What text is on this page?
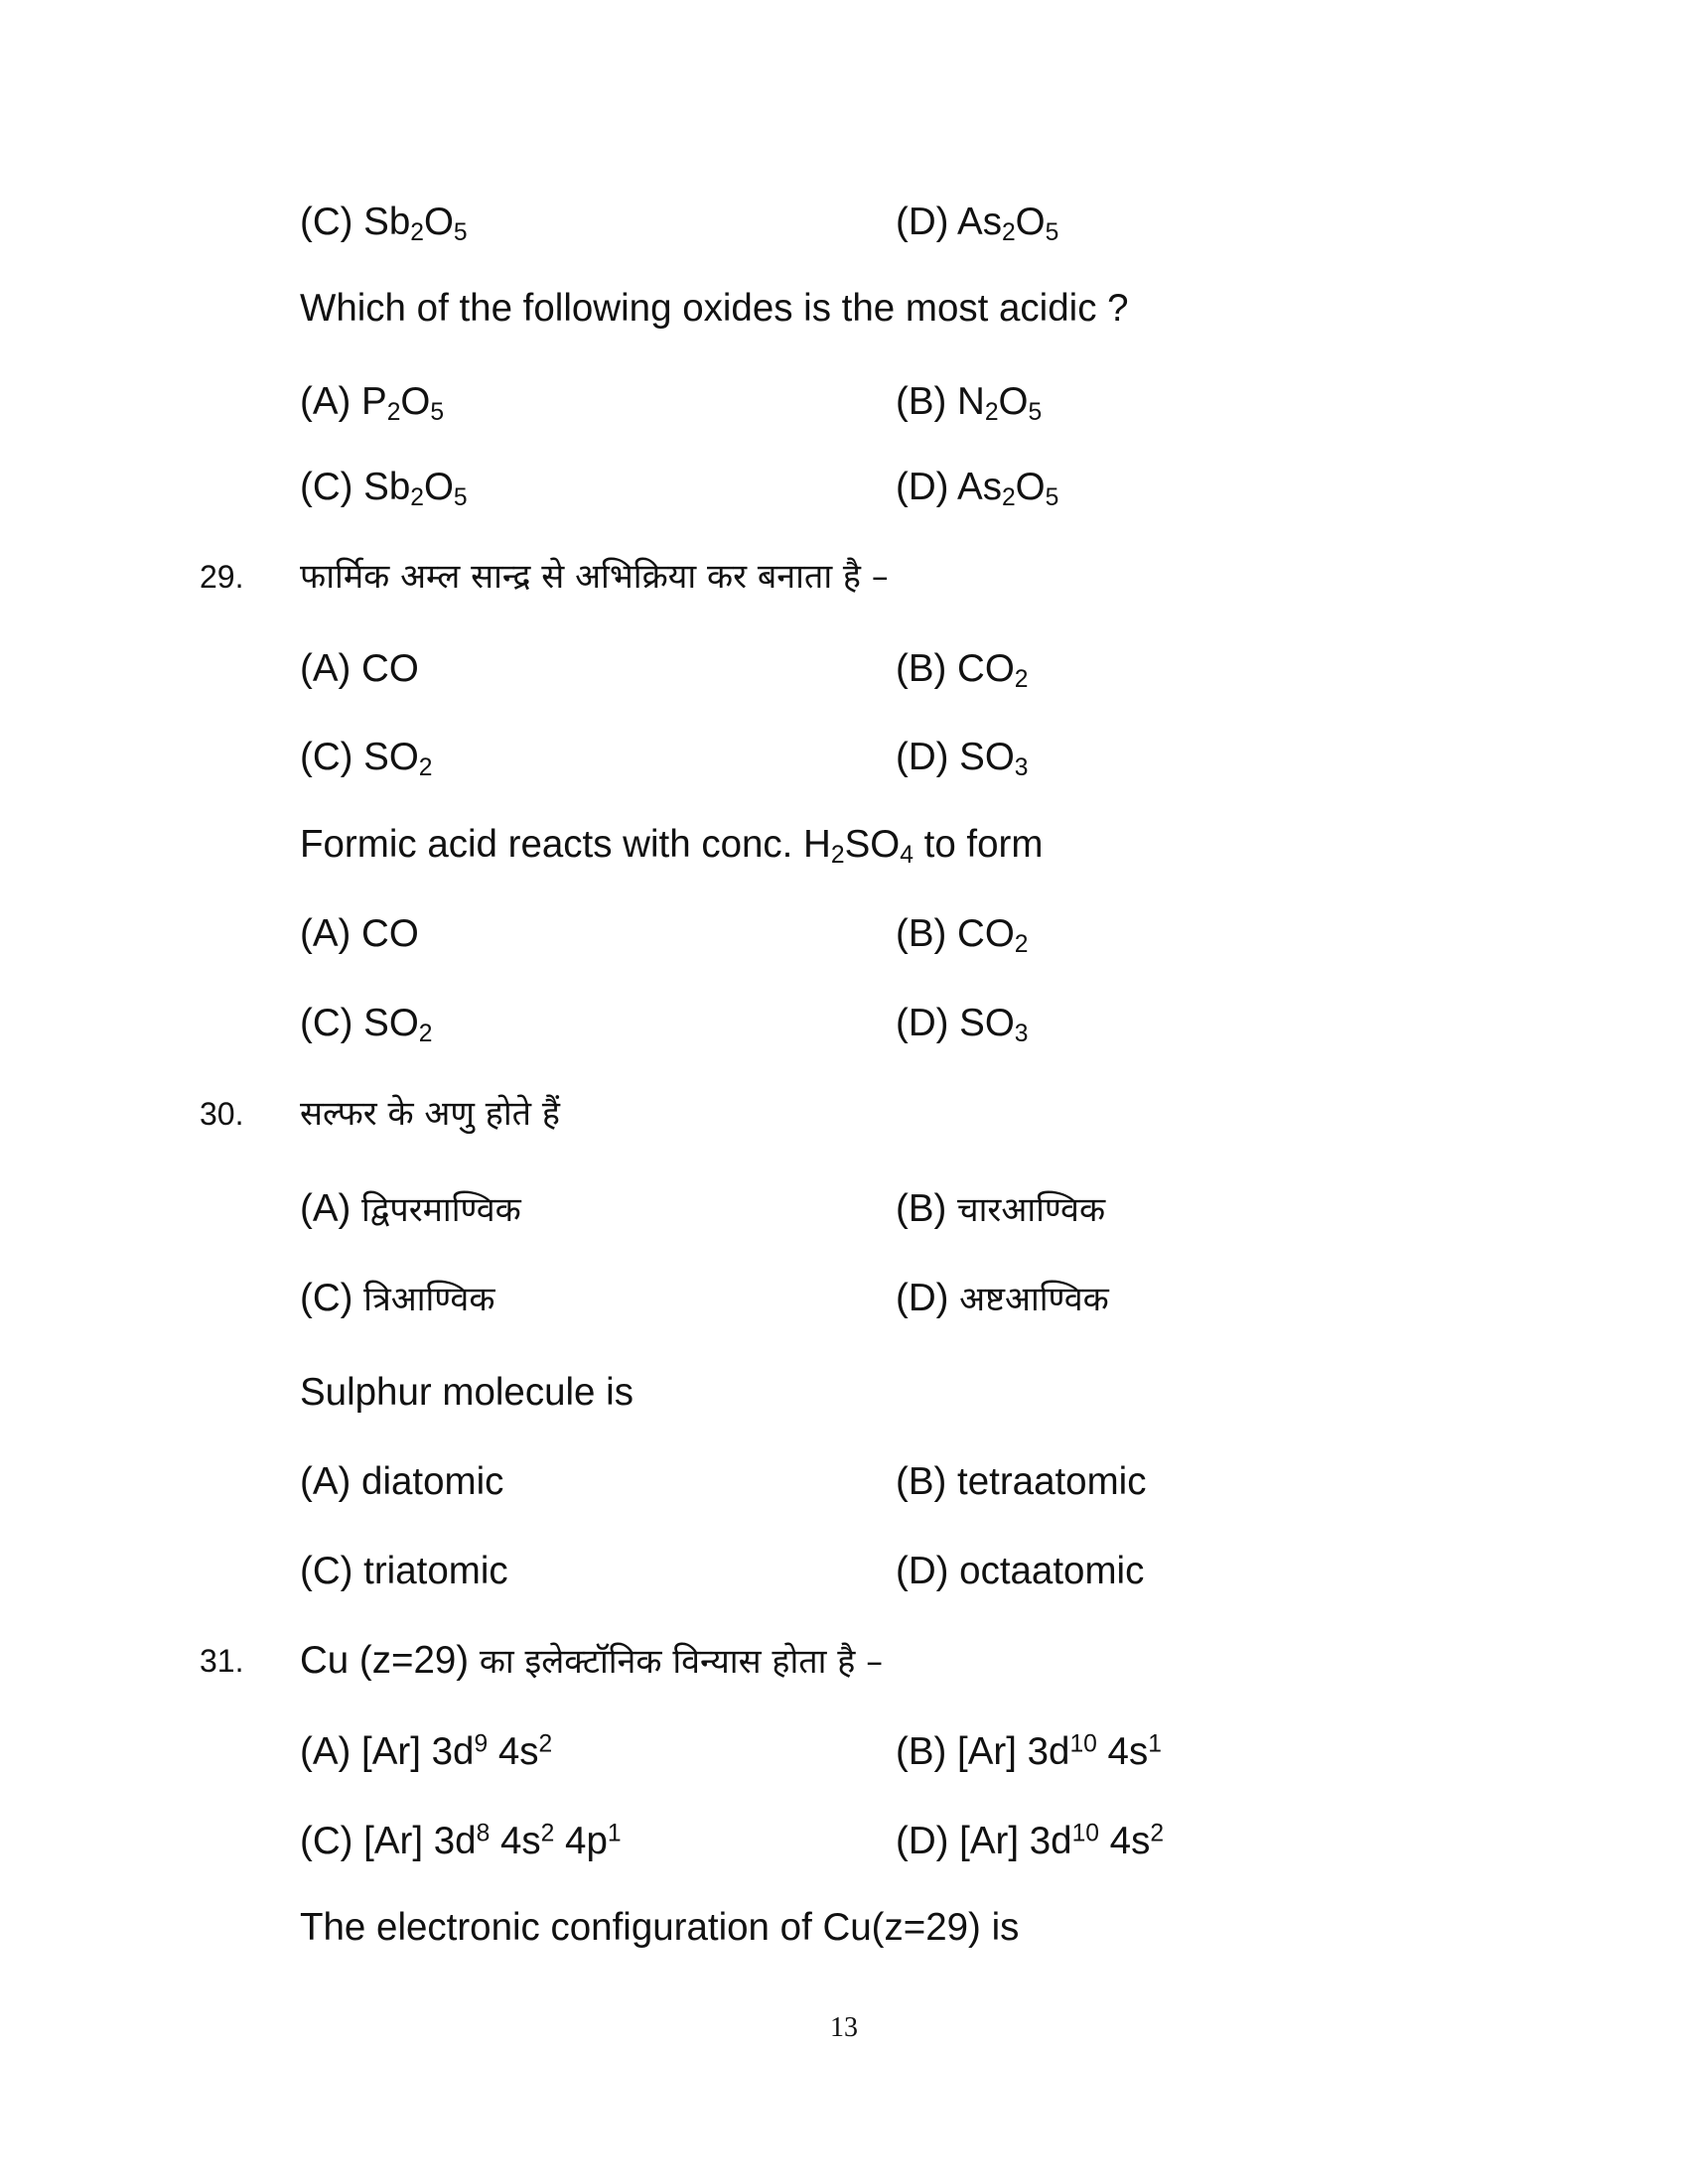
(C) $Sb_2O_5$	(D) $As_2O_5$
Which of the following oxides is the most acidic ?
(A) $P_2O_5$	(B) $N_2O_5$
(C) $Sb_2O_5$	(D) $As_2O_5$
29. फार्मिक अम्ल सान्द्र से अभिक्रिया कर बनाता है –
(A) CO	(B) $CO_2$
(C) $SO_2$	(D) $SO_3$
Formic acid reacts with conc. $H_2SO_4$ to form
(A) CO	(B) $CO_2$
(C) $SO_2$	(D) $SO_3$
30. सल्फर के अणु होते हैं
(A) द्विपरमाण्विक	(B) चारआण्विक
(C) त्रिआण्विक	(D) अष्टआण्विक
Sulphur molecule is
(A) diatomic	(B) tetraatomic
(C) triatomic	(D) octaatomic
31. Cu (z=29) का इलेक्टॉनिक विन्यास होता है –
(A) [Ar] $3d^9$ $4s^2$	(B) [Ar] $3d^{10}$ $4s^1$
(C) [Ar] $3d^8$ $4s^2$ $4p^1$	(D) [Ar] $3d^{10}$ $4s^2$
The electronic configuration of Cu(z=29) is
13
